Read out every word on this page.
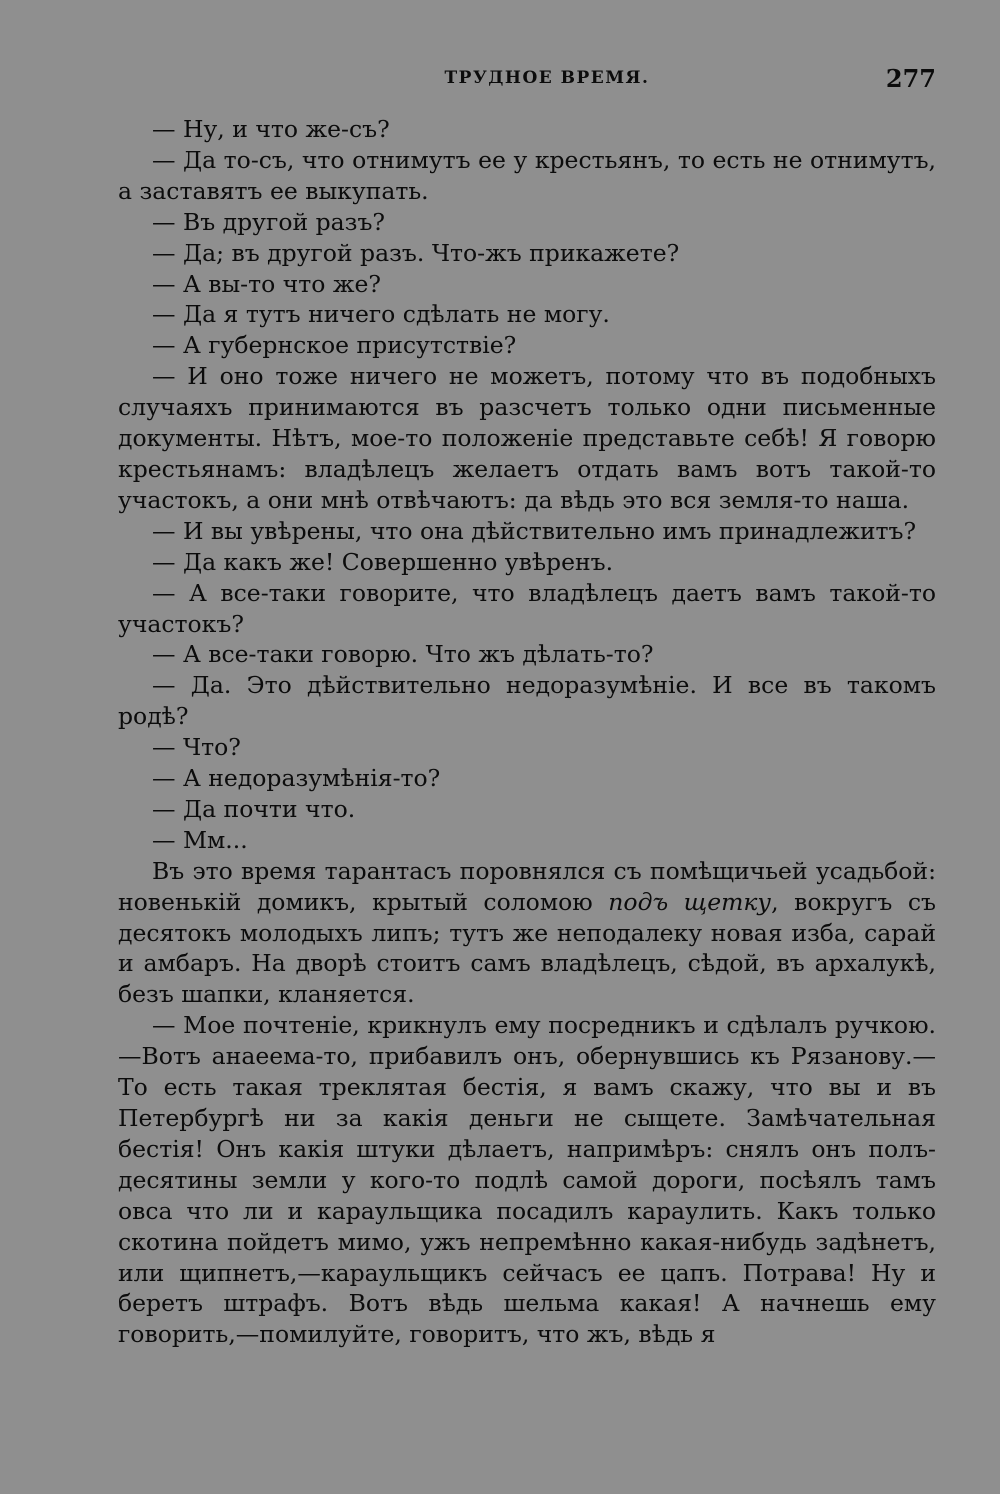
ТРУДНОЕ ВРЕМЯ.	277

— Ну, и что же-съ?

— Да то-съ, что отнимутъ ее у крестьянъ, то есть не отнимутъ, а заставятъ ее выкупать.

— Въ другой разъ?

— Да; въ другой разъ. Что-жъ прикажете?

— А вы-то что же?

— Да я тутъ ничего сдѣлать не могу.

— А губернское присутствіе?

— И оно тоже ничего не можетъ, потому что въ подобныхъ случаяхъ принимаются въ разсчетъ только одни письменные документы. Нѣтъ, мое-то положеніе представьте себѣ! Я говорю крестьянамъ: владѣлецъ желаетъ отдать вамъ вотъ такой-то участокъ, а они мнѣ отвѣчаютъ: да вѣдь это вся земля-то наша.

— И вы увѣрены, что она дѣйствительно имъ принадлежитъ?

— Да какъ же! Совершенно увѣренъ.

— А все-таки говорите, что владѣлецъ даетъ вамъ такой-то участокъ?

— А все-таки говорю. Что жъ дѣлать-то?

— Да. Это дѣйствительно недоразумѣніе. И все въ такомъ родѣ?

— Что?

— А недоразумѣнія-то?

— Да почти что.

— Мм...

Въ это время тарантасъ поровнялся съ помѣщичьей усадьбой: новенькій домикъ, крытый соломою подъ щетку, вокругъ съ десятокъ молодыхъ липъ; тутъ же неподалеку новая изба, сарай и амбаръ. На дворѣ стоитъ самъ владѣлецъ, сѣдой, въ архалукѣ, безъ шапки, кланяется.

— Мое почтеніе, крикнулъ ему посредникъ и сдѣлалъ ручкою.—Вотъ анаеема-то, прибавилъ онъ, обернувшись къ Рязанову.—То есть такая треклятая бестія, я вамъ скажу, что вы и въ Петербургѣ ни за какія деньги не сыщете. Замѣчательная бестія! Онъ какія штуки дѣлаетъ, напримѣръ: снялъ онъ полъ-десятины земли у кого-то подлѣ самой дороги, посѣялъ тамъ овса что ли и караульщика посадилъ караулить. Какъ только скотина пойдетъ мимо, ужъ непремѣнно какая-нибудь задѣнетъ, или щипнетъ,—караульщикъ сейчасъ ее цапъ. Потрава! Ну и беретъ штрафъ. Вотъ вѣдь шельма какая! А начнешь ему говорить,—помилуйте, говоритъ, что жъ, вѣдь я
